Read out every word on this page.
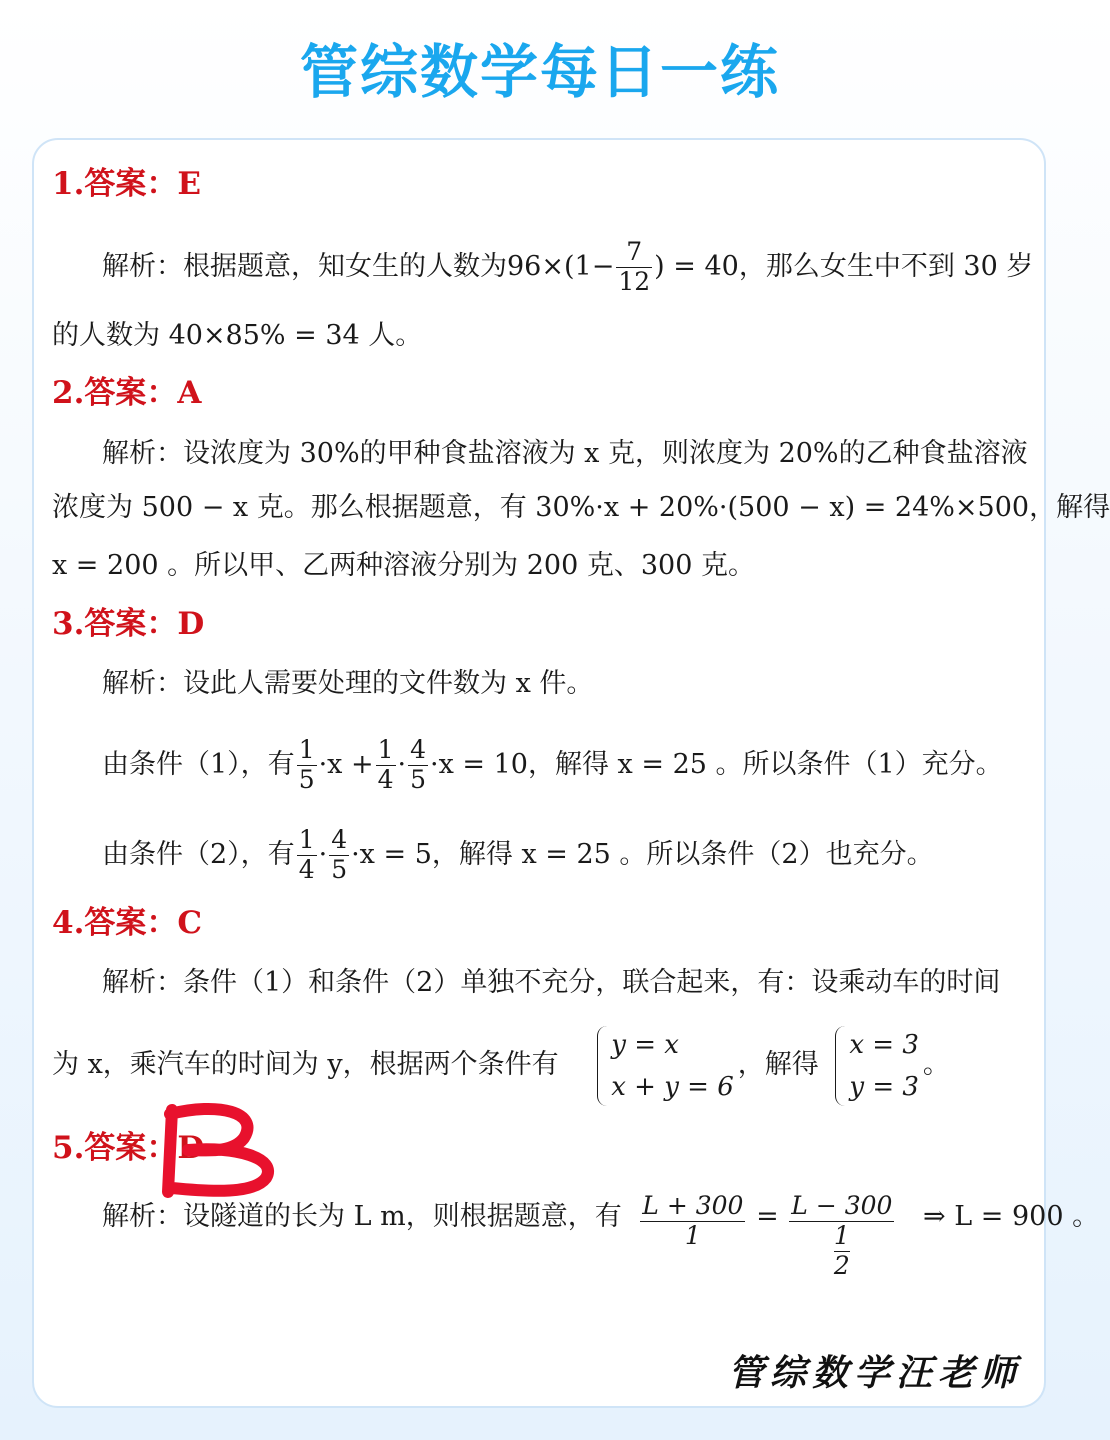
管综数学每日一练
1.答案：E
解析：根据题意，知女生的人数为$96\times(1- \frac{7}{12}$ ) = 40，那么女生中不到 30 岁
的人数为 40×85% = 34 人。
2.答案：A
解析：设浓度为 30%的甲种食盐溶液为 x 克，则浓度为 20%的乙种食盐溶液
浓度为 500 − x 克。那么根据题意，有 30%·x + 20%·(500 − x) = 24%×500，解得
x = 200 。所以甲、乙两种溶液分别为 200 克、300 克。
3.答案：D
解析：设此人需要处理的文件数为 x 件。
由条件（1），有 $\frac{1}{5} \cdot x + \frac{1}{4} \cdot \frac{4}{5} \cdot x = 10$，解得 x = 25 。所以条件（1）充分。
由条件（2），有 $\frac{1}{4} \cdot \frac{4}{5} \cdot x = 5$，解得 x = 25 。所以条件（2）也充分。
4.答案：C
解析：条件（1）和条件（2）单独不充分，联合起来，有：设乘动车的时间
为 x，乘汽车的时间为 y，根据两个条件有
y = x
x + y = 6
，解得
x = 3
y = 3
。
5.答案：D
解析：设隧道的长为 L m，则根据题意，有 $\frac{L + 300}{1} = \frac{L - 300}{\frac{1}{2}}$ ⇒ L = 900 。
管综数学汪老师
